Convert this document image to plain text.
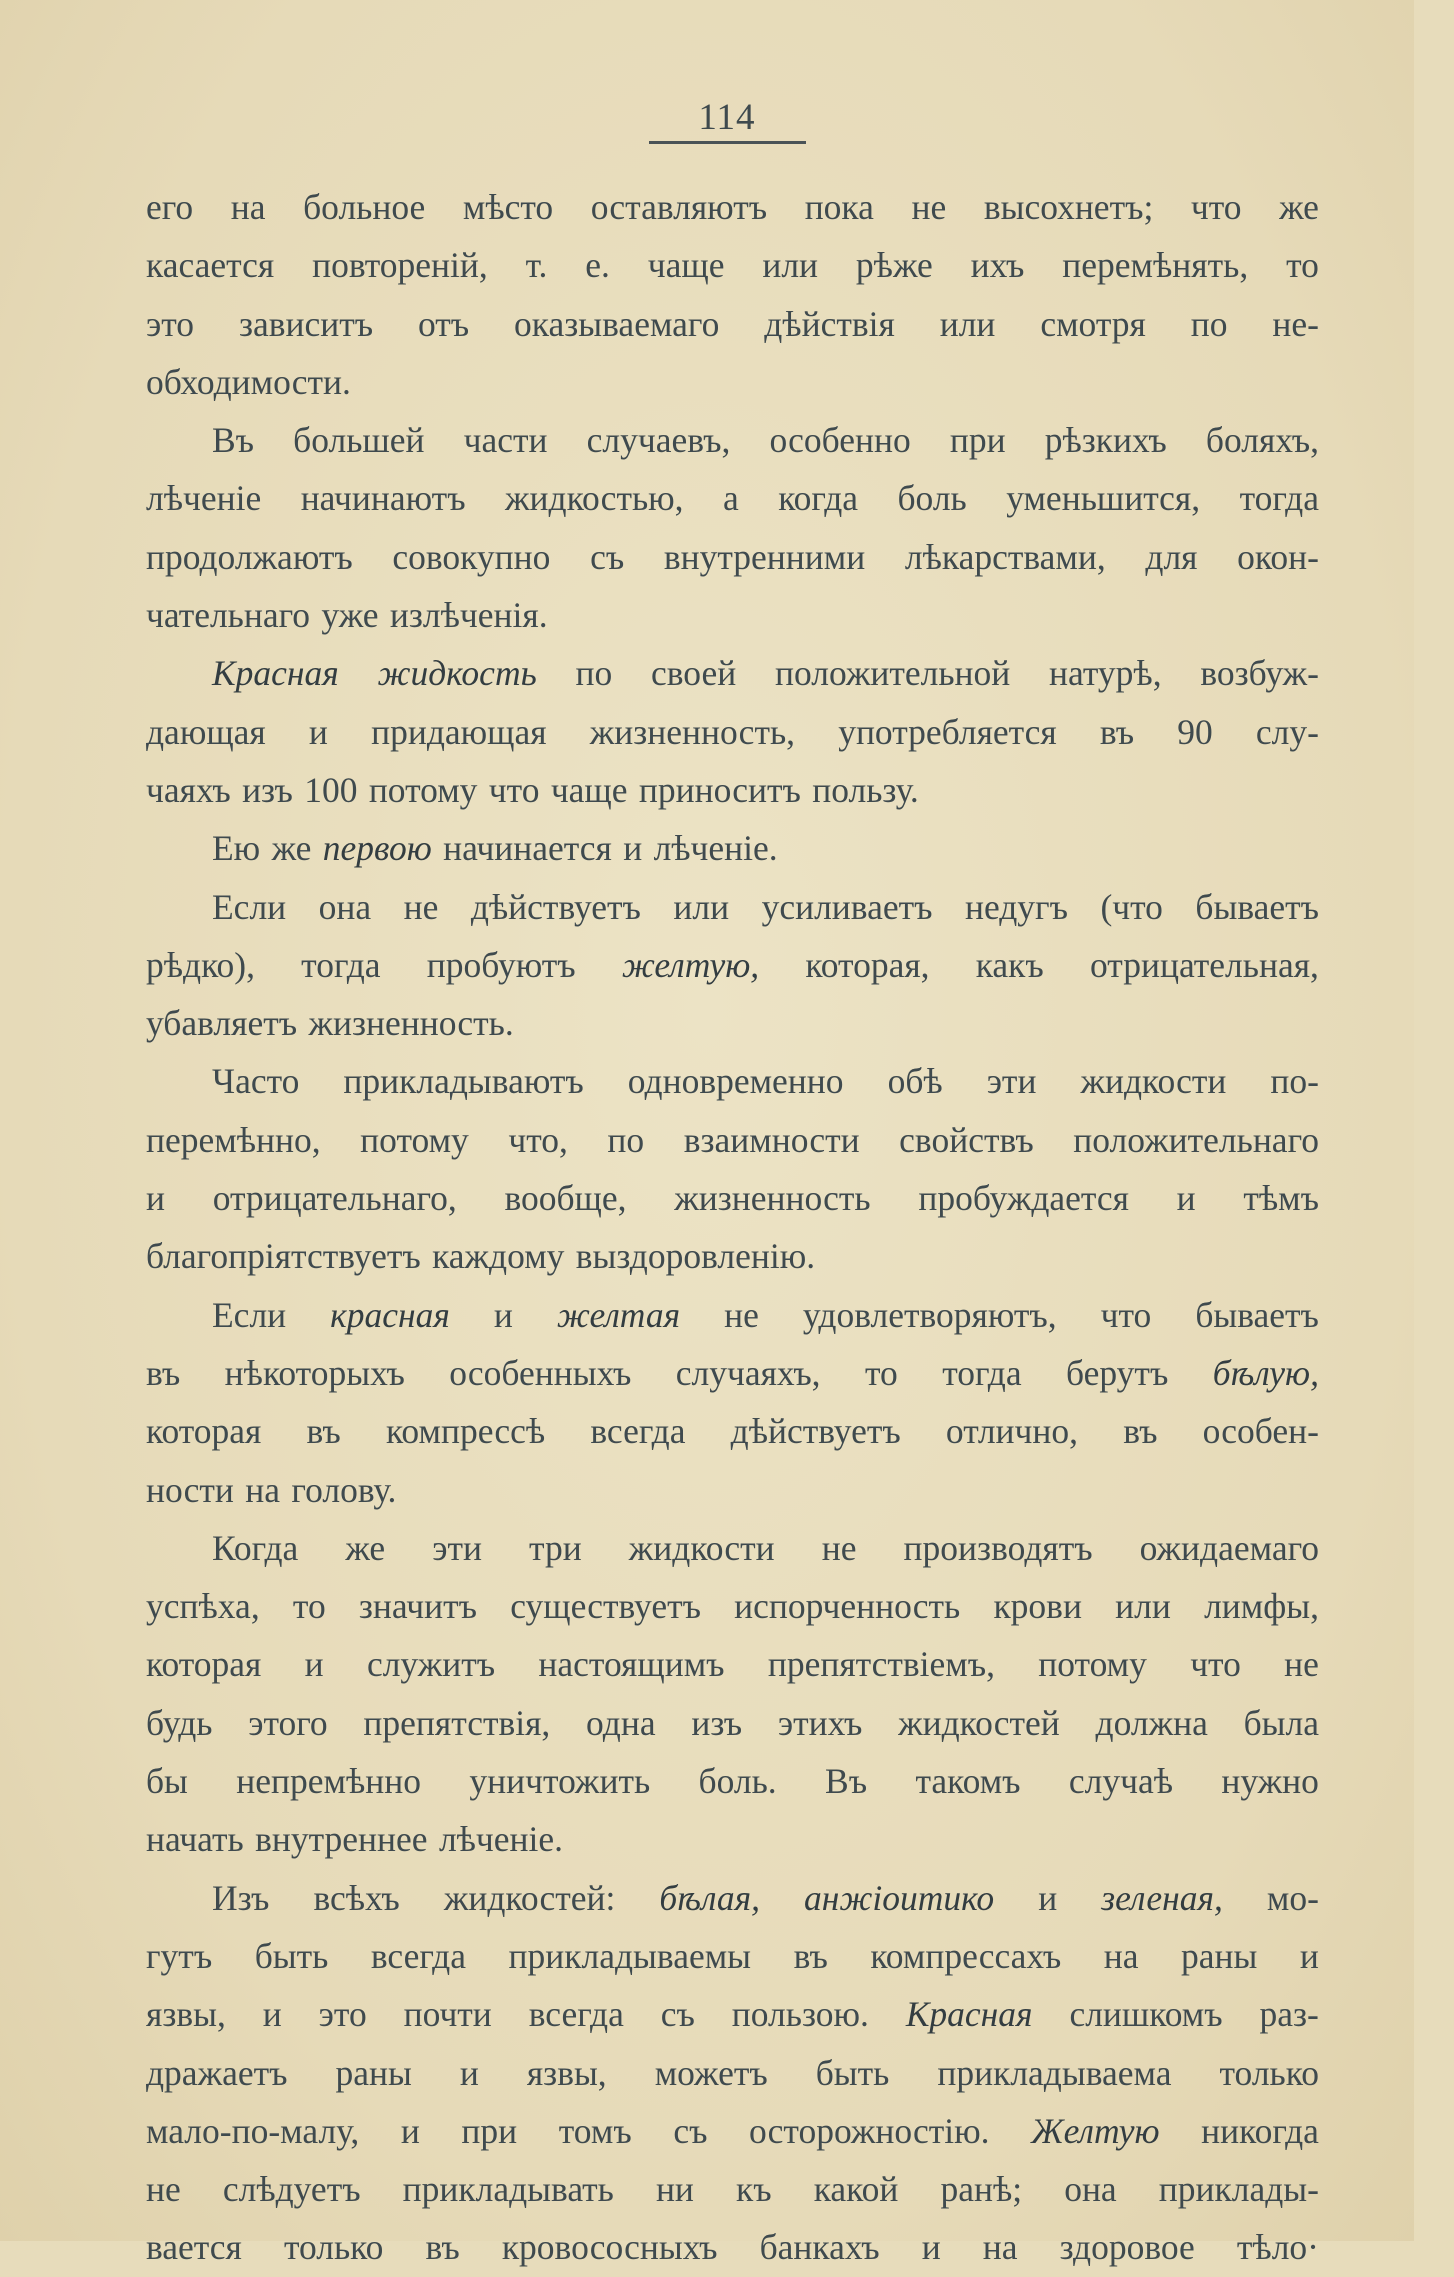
114
его на больное мѣсто оставляютъ пока не высохнетъ; что же
касается повтореній, т. е. чаще или рѣже ихъ перемѣнять, то
это зависитъ отъ оказываемаго дѣйствія или смотря по не-
обходимости.
Въ большей части случаевъ, особенно при рѣзкихъ боляхъ,
лѣченіе начинаютъ жидкостью, а когда боль уменьшится, тогда
продолжаютъ совокупно съ внутренними лѣкарствами, для окон-
чательнаго уже излѣченія.
Красная жидкость по своей положительной натурѣ, возбуж-
дающая и придающая жизненность, употребляется въ 90 слу-
чаяхъ изъ 100 потому что чаще приноситъ пользу.
Ею же первою начинается и лѣченіе.
Если она не дѣйствуетъ или усиливаетъ недугъ (что бываетъ
рѣдко), тогда пробуютъ желтую, которая, какъ отрицательная,
убавляетъ жизненность.
Часто прикладываютъ одновременно обѣ эти жидкости по-
перемѣнно, потому что, по взаимности свойствъ положительнаго
и отрицательнаго, вообще, жизненность пробуждается и тѣмъ
благопріятствуетъ каждому выздоровленію.
Если красная и желтая не удовлетворяютъ, что бываетъ
въ нѣкоторыхъ особенныхъ случаяхъ, то тогда берутъ бѣлую,
которая въ компрессѣ всегда дѣйствуетъ отлично, въ особен-
ности на голову.
Когда же эти три жидкости не производятъ ожидаемаго
успѣха, то значитъ существуетъ испорченность крови или лимфы,
которая и служитъ настоящимъ препятствіемъ, потому что не
будь этого препятствія, одна изъ этихъ жидкостей должна была
бы непремѣнно уничтожить боль. Въ такомъ случаѣ нужно
начать внутреннее лѣченіе.
Изъ всѣхъ жидкостей: бѣлая, анжіоитико и зеленая, мо-
гутъ быть всегда прикладываемы въ компрессахъ на раны и
язвы, и это почти всегда съ пользою. Красная слишкомъ раз-
дражаетъ раны и язвы, можетъ быть прикладываема только
мало-по-малу, и при томъ съ осторожностію. Желтую никогда
не слѣдуетъ прикладывать ни къ какой ранѣ; она приклады-
вается только въ кровососныхъ банкахъ и на здоровое тѣло·
